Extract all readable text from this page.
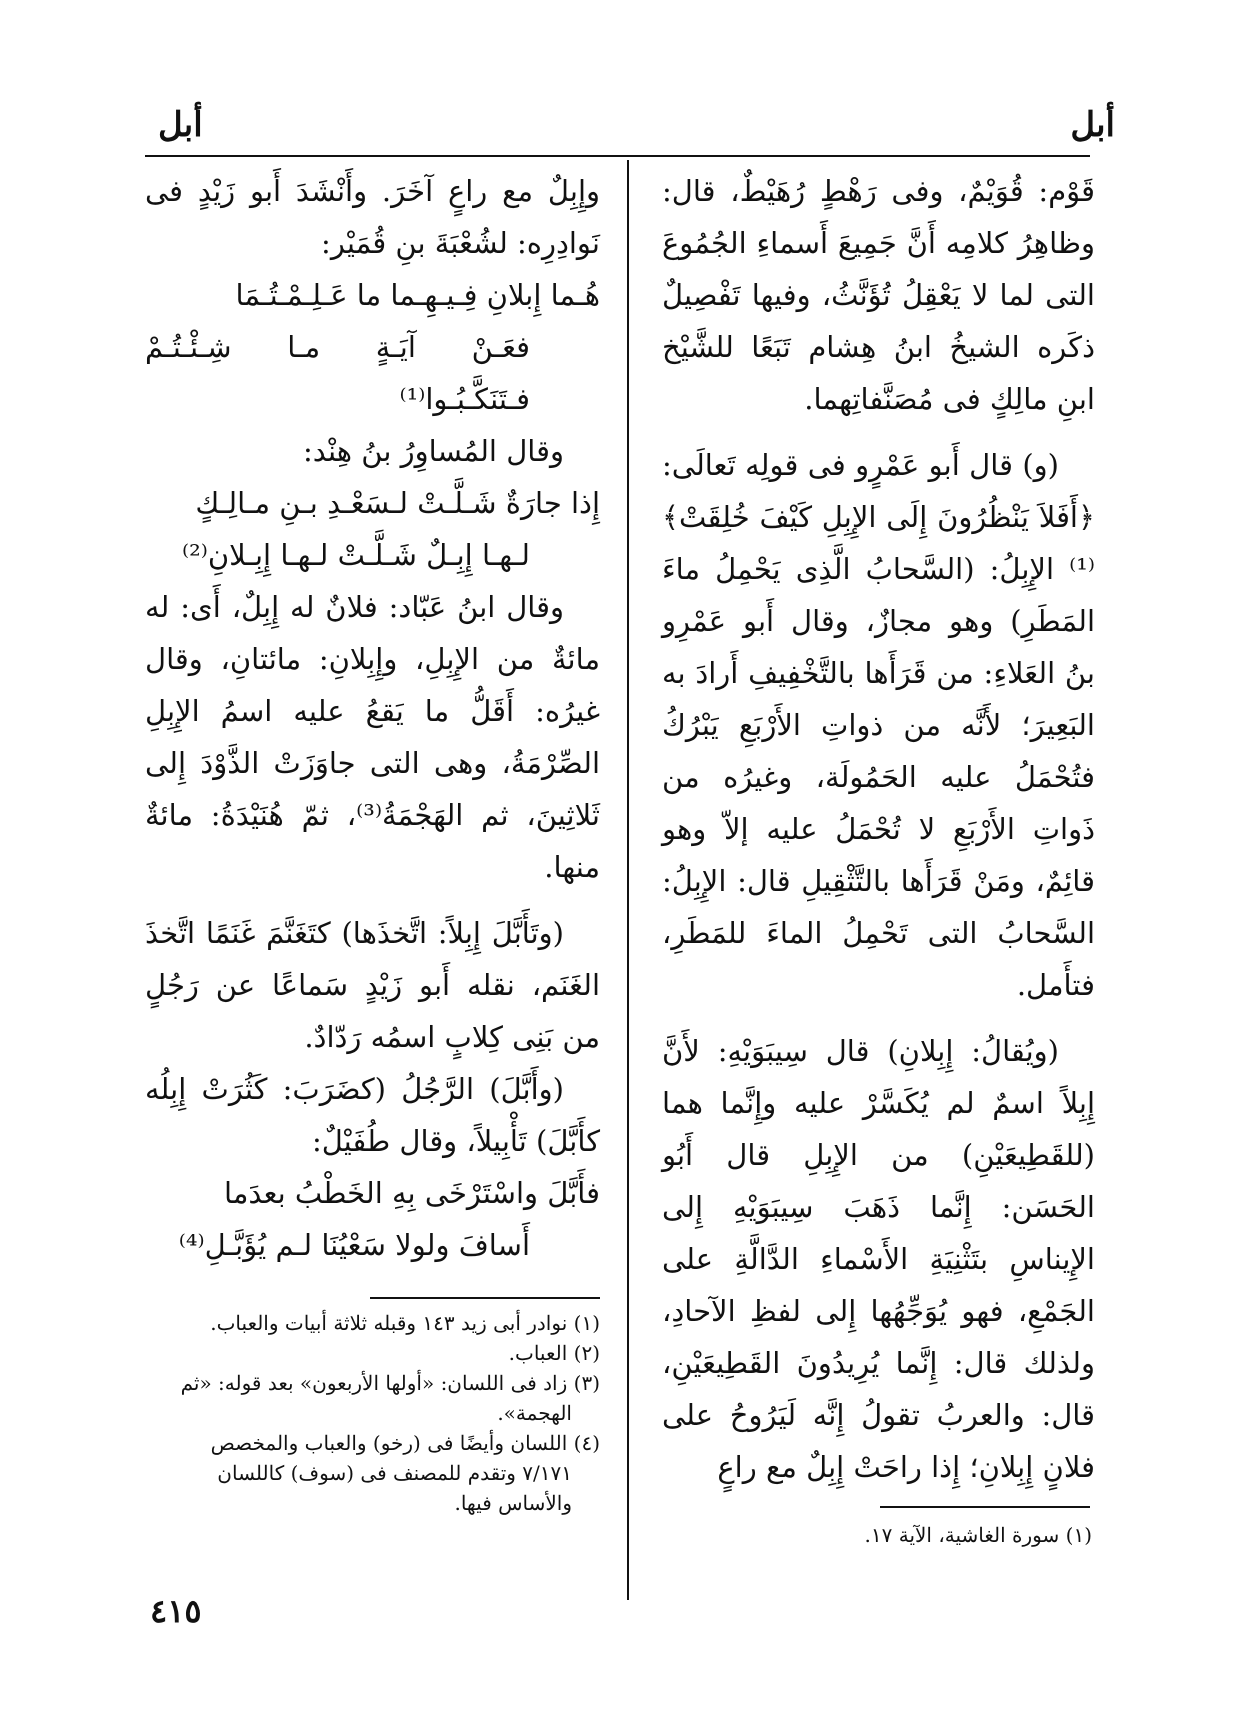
أبل
أبل

قَوْم: قُوَيْمٌ، وفى رَهْطٍ رُهَيْطٌ، قال: وظاهِرُ كلامِه أَنَّ جَمِيعَ أَسماءِ الجُمُوعَ التى لما لا يَعْقِلُ تُؤَنَّثُ، وفيها تَفْصِيلٌ ذكَره الشيخُ ابنُ هِشام تَبَعًا للشَّيْخ ابنِ مالِكٍ فى مُصَنَّفاتِهما.

(و) قال أَبو عَمْرٍو فى قولِه تَعالَى: ﴿أَفَلاَ يَنْظُرُونَ إِلَى الإِبِلِ كَيْفَ خُلِقَتْ﴾⁽¹⁾ الإِبِلُ: (السَّحابُ الَّذِى يَحْمِلُ ماءَ المَطَرِ) وهو مجازٌ، وقال أَبو عَمْرِو بنُ العَلاءِ: من قَرَأَها بالتَّخْفِيفِ أَرادَ به البَعِيرَ؛ لأَنَّه من ذواتِ الأَرْبَعِ يَبْرُكُ فتُحْمَلُ عليه الحَمُولَة، وغيرُه من ذَواتِ الأَرْبَعِ لا تُحْمَلُ عليه إلاّ وهو قائِمٌ، ومَنْ قَرَأَها بالتَّثْقِيلِ قال: الإِبِلُ: السَّحابُ التى تَحْمِلُ الماءَ للمَطَرِ، فتأَمل.

(ويُقالُ: إِبِلانِ) قال سِيبَوَيْهِ: لأَنَّ إِبِلاً اسمٌ لم يُكَسَّرْ عليه وإِنَّما هما (للقَطِيعَيْنِ) من الإِبِلِ قال أَبُو الحَسَن: إِنَّما ذَهَبَ سِيبَوَيْهِ إِلى الإِيناسِ بتَثْنِيَةِ الأَسْماءِ الدَّالَّةِ على الجَمْعِ، فهو يُوَجِّهُها إِلى لفظِ الآحادِ، ولذلك قال: إِنَّما يُرِيدُونَ القَطِيعَيْنِ، قال: والعربُ تقولُ إِنَّه لَيَرُوحُ على فلانٍ إِبِلانِ؛ إِذا راحَتْ إِبِلٌ مع راعٍ

وإِبِلٌ مع راعٍ آخَرَ. وأَنْشَدَ أَبو زَيْدٍ فى نَوادِرِه: لشُعْبَةَ بنِ قُمَيْر:

هُـما إِبلانِ فِـيـهِـما ما عَـلِـمْـتُـمَا

فعَـنْ آيَـةٍ مـا شِـئْـتُـمْ فـتَنَكَّـبُـوا⁽¹⁾

وقال المُساوِرُ بنُ هِنْد:

إِذا جارَةٌ شَـلَّـتْ لـسَعْـدِ بـنِ مـالِـكٍ

لـهـا إِبِـلٌ شَـلَّـتْ لـهـا إِبِـلانِ⁽²⁾

وقال ابنُ عَبّاد: فلانٌ له إِبِلٌ، أَى: له مائةٌ من الإِبِلِ، وإِبِلانِ: مائتانِ، وقال غيرُه: أَقَلُّ ما يَقعُ عليه اسمُ الإِبِلِ الصِّرْمَةُ، وهى التى جاوَزَتْ الذَّوْدَ إِلى ثَلاثِينَ، ثم الهَجْمَةُ⁽³⁾، ثمّ هُنَيْدَةُ: مائةٌ منها.

(وتَأَبَّلَ إِبِلاً: اتَّخذَها) كتَغَنَّمَ غَنَمًا اتَّخذَ الغَنَم، نقله أَبو زَيْدٍ سَماعًا عن رَجُلٍ من بَنِى كِلابٍ اسمُه رَدّادٌ.

(وأَبَّلَ) الرَّجُلُ (كضَرَبَ: كَثُرَتْ إِبِلُه كأَبَّلَ) تَأْبِيلاً، وقال طُفَيْلٌ:

فأَبَّلَ واسْتَرْخَى بِهِ الخَطْبُ بعدَما

أَسافَ ولولا سَعْيُنَا لـم يُؤَبَّـلِ⁽⁴⁾

(١) سورة الغاشية، الآية ١٧.
(١) نوادر أبى زيد ١٤٣ وقبله ثلاثة أبيات والعباب.
(٢) العباب.
(٣) زاد فى اللسان: «أولها الأربعون» بعد قوله: «ثم
الهجمة».
(٤) اللسان وأيضًا فى (رخو) والعباب والمخصص
٧/١٧١ وتقدم للمصنف فى (سوف) كاللسان
والأساس فيها.
٤١٥
